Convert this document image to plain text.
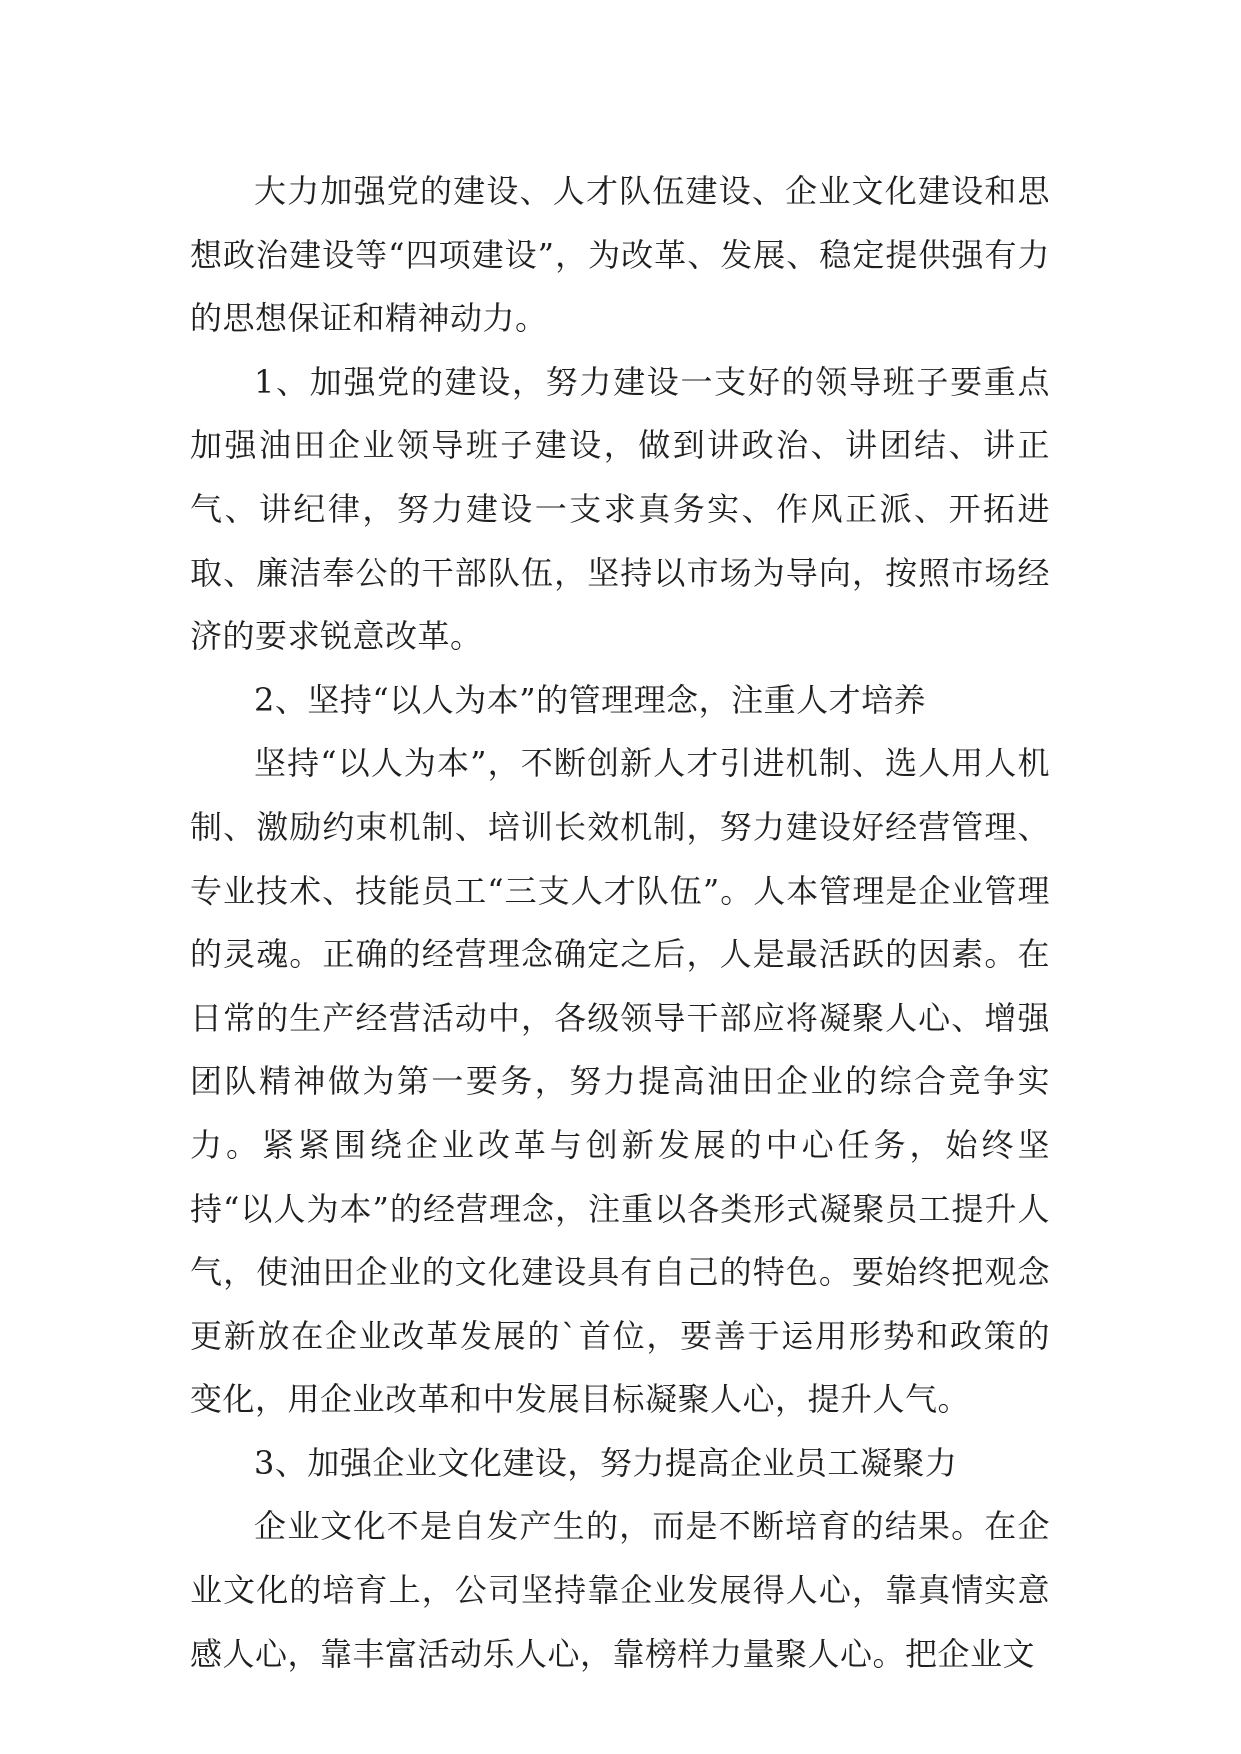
大力加强党的建设、人才队伍建设、企业文化建设和思想政治建设等“四项建设”，为改革、发展、稳定提供强有力的思想保证和精神动力。

1、加强党的建设，努力建设一支好的领导班子要重点加强油田企业领导班子建设，做到讲政治、讲团结、讲正气、讲纪律，努力建设一支求真务实、作风正派、开拓进取、廉洁奉公的干部队伍，坚持以市场为导向，按照市场经济的要求锐意改革。

2、坚持“以人为本”的管理理念，注重人才培养

坚持“以人为本”，不断创新人才引进机制、选人用人机制、激励约束机制、培训长效机制，努力建设好经营管理、专业技术、技能员工“三支人才队伍”。人本管理是企业管理的灵魂。正确的经营理念确定之后，人是最活跃的因素。在日常的生产经营活动中，各级领导干部应将凝聚人心、增强团队精神做为第一要务，努力提高油田企业的综合竞争实力。紧紧围绕企业改革与创新发展的中心任务，始终坚持“以人为本”的经营理念，注重以各类形式凝聚员工提升人气，使油田企业的文化建设具有自己的特色。要始终把观念更新放在企业改革发展的`首位，要善于运用形势和政策的变化，用企业改革和中发展目标凝聚人心，提升人气。

3、加强企业文化建设，努力提高企业员工凝聚力

企业文化不是自发产生的，而是不断培育的结果。在企业文化的培育上，公司坚持靠企业发展得人心，靠真情实意感人心，靠丰富活动乐人心，靠榜样力量聚人心。把企业文
